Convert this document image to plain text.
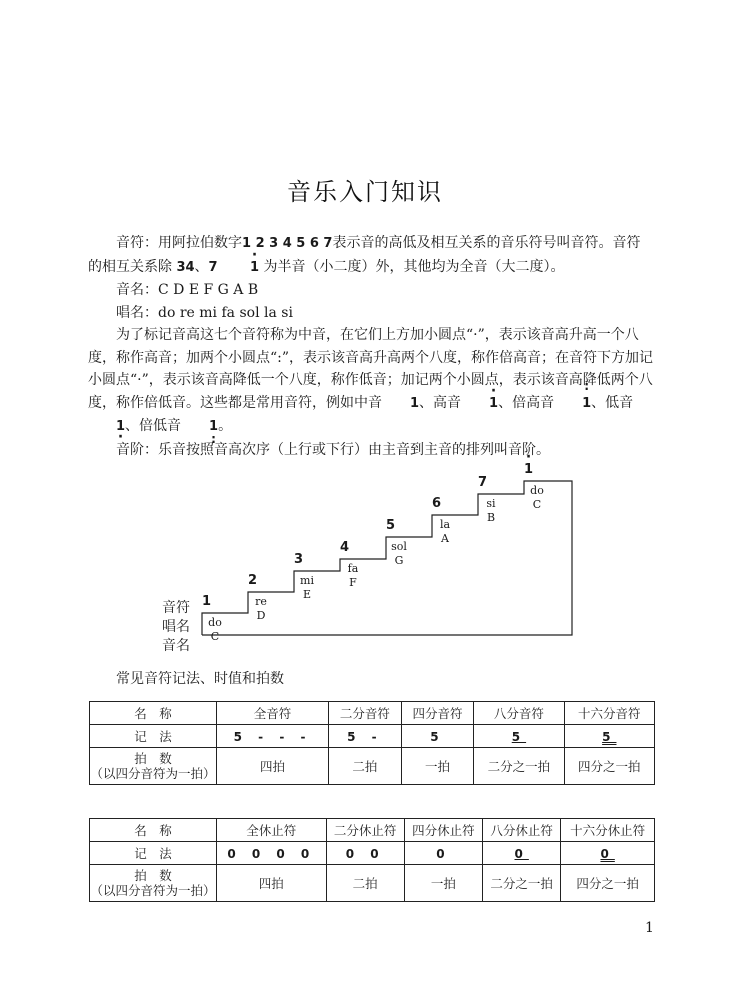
音乐入门知识

音符：用阿拉伯数字1 2 3 4 5 6 7表示音的高低及相互关系的音乐符号叫音符。音符的相互关系除 34、7 · 1 为半音（小二度）外，其他均为全音（大二度）。

音名：C D E F G A B

唱名：do re mi fa sol la si

为了标记音高这七个音符称为中音，在它们上方加小圆点“·”，表示该音高升高一个八度，称作高音；加两个小圆点“:”，表示该音高升高两个八度，称作倍高音；在音符下方加记小圆点“·”，表示该音高降低一个八度，称作低音；加记两个小圆点，表示该音高降低两个八度，称作倍低音。这些都是常用音符，例如中音 1、高音 · 1、倍高音 : 1、低音1 ·、倍低音 1 :。

音阶：乐音按照音高次序（上行或下行）由主音到主音的排列叫音阶。

音符
唱名
音名
1
do
C
2
re
D
3
mi
E
4
fa
F
5
sol
G
6
la
A
7
si
B
· 1
do
C
常见音符记法、时值和拍数
名　称	全音符	二分音符	四分音符	八分音符	十六分音符
记　法	5 - - -	5 -	5	5	5

拍　数
（以四分音符为一拍）	四拍	二拍	一拍	二分之一拍	四分之一拍
名　称	全休止符	二分休止符	四分休止符	八分休止符	十六分休止符
记　法	0 0 0 0	0 0	0	0	0

拍　数
（以四分音符为一拍）	四拍	二拍	一拍	二分之一拍	四分之一拍
1
